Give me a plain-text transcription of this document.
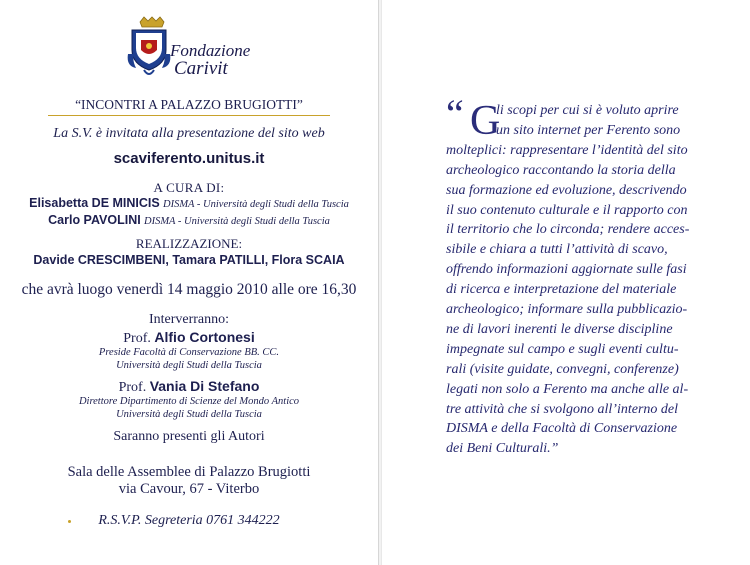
Fondazione
Carivit
“INCONTRI A PALAZZO BRUGIOTTI”
La S.V. è invitata alla presentazione del sito web
scaviferento.unitus.it
A CURA DI:
Elisabetta DE MINICIS DISMA - Università degli Studi della Tuscia
Carlo PAVOLINI DISMA - Università degli Studi della Tuscia
REALIZZAZIONE:
Davide CRESCIMBENI, Tamara PATILLI, Flora SCAIA
che avrà luogo venerdì 14 maggio 2010 alle ore 16,30
Interverranno:
Prof. Alfio Cortonesi
Preside Facoltà di Conservazione BB. CC.
Università degli Studi della Tuscia
Prof. Vania Di Stefano
Direttore Dipartimento di Scienze del Mondo Antico
Università degli Studi della Tuscia
Saranno presenti gli Autori
Sala delle Assemblee di Palazzo Brugiotti
via Cavour, 67 - Viterbo
R.S.V.P. Segreteria 0761 344222
“ G
li scopi per cui si è voluto aprire
un sito internet per Ferento sono
molteplici: rappresentare l’identità del sito
archeologico raccontando la storia della
sua formazione ed evoluzione, descrivendo
il suo contenuto culturale e il rapporto con
il territorio che lo circonda; rendere acces-
sibile e chiara a tutti l’attività di scavo,
offrendo informazioni aggiornate sulle fasi
di ricerca e interpretazione del materiale
archeologico; informare sulla pubblicazio-
ne di lavori inerenti le diverse discipline
impegnate sul campo e sugli eventi cultu-
rali (visite guidate, convegni, conferenze)
legati non solo a Ferento ma anche alle al-
tre attività che si svolgono all’interno del
DISMA e della Facoltà di Conservazione
dei Beni Culturali.”
